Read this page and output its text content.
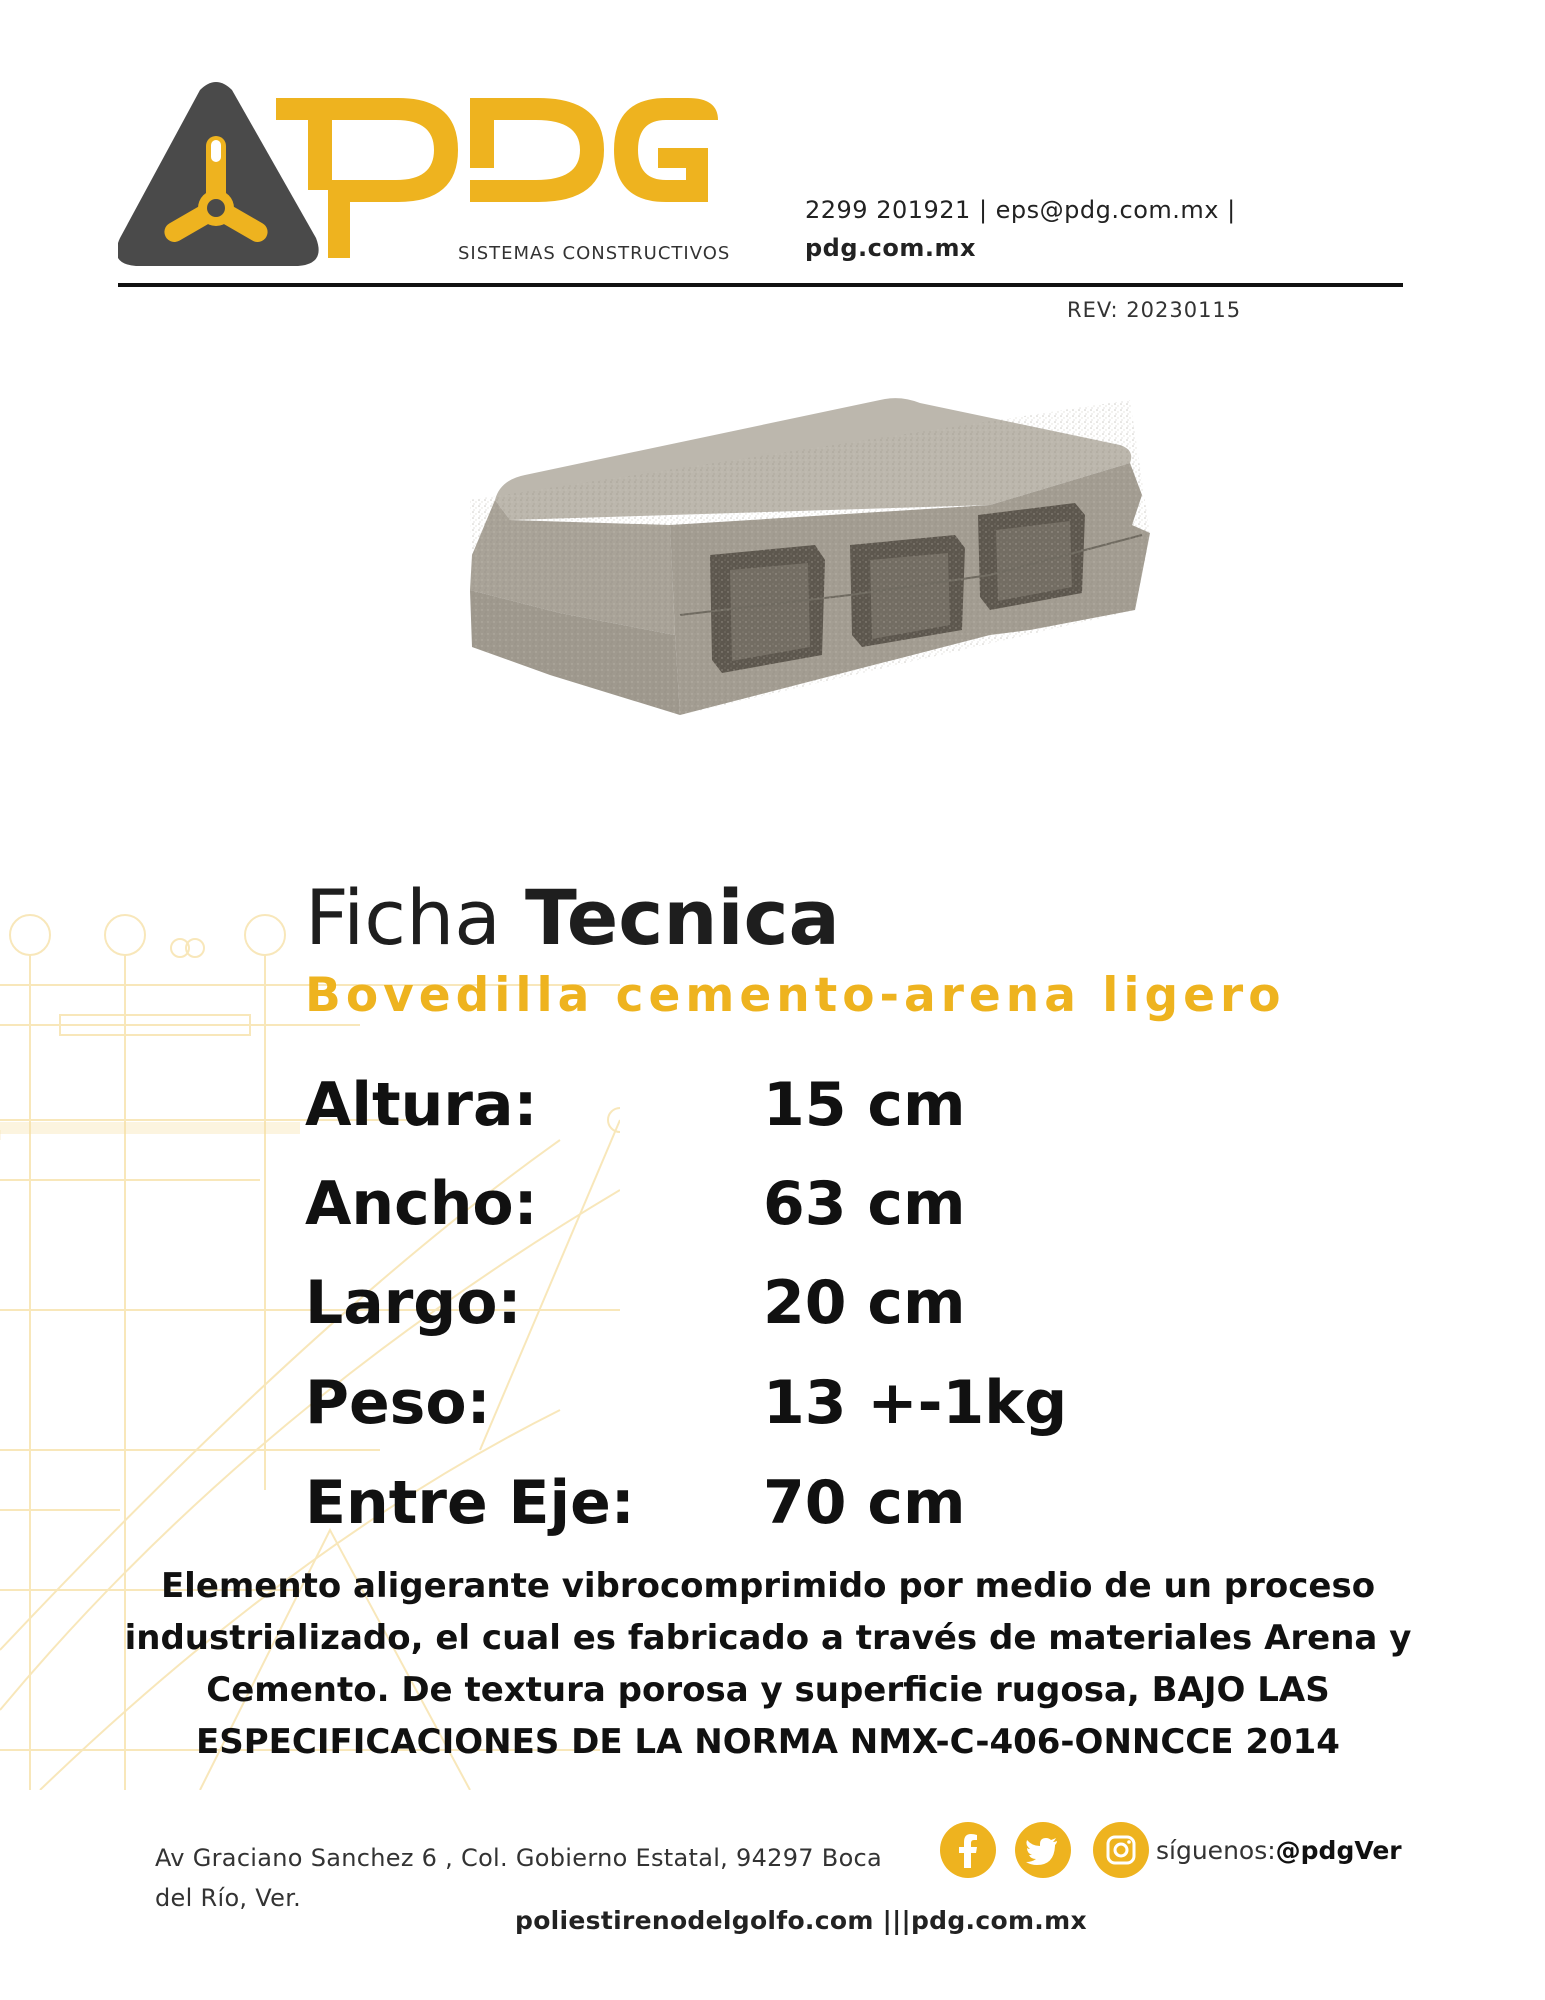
SISTEMAS CONSTRUCTIVOS
2299 201921 | eps@pdg.com.mx |
pdg.com.mx
REV: 20230115
Ficha Tecnica
Bovedilla cemento-arena ligero
Altura:	15 cm
Ancho:	63 cm
Largo:	20 cm
Peso:	13 +-1kg
Entre Eje: 70 cm
Elemento aligerante vibrocomprimido por medio de un proceso industrializado, el cual es fabricado a través de materiales Arena y Cemento. De textura porosa y superficie rugosa, BAJO LAS ESPECIFICACIONES DE LA NORMA NMX-C-406-ONNCCE 2014
Av Graciano Sanchez 6 , Col. Gobierno Estatal, 94297 Boca del Río, Ver.
síguenos:@pdgVer
poliestirenodelgolfo.com |||pdg.com.mx
